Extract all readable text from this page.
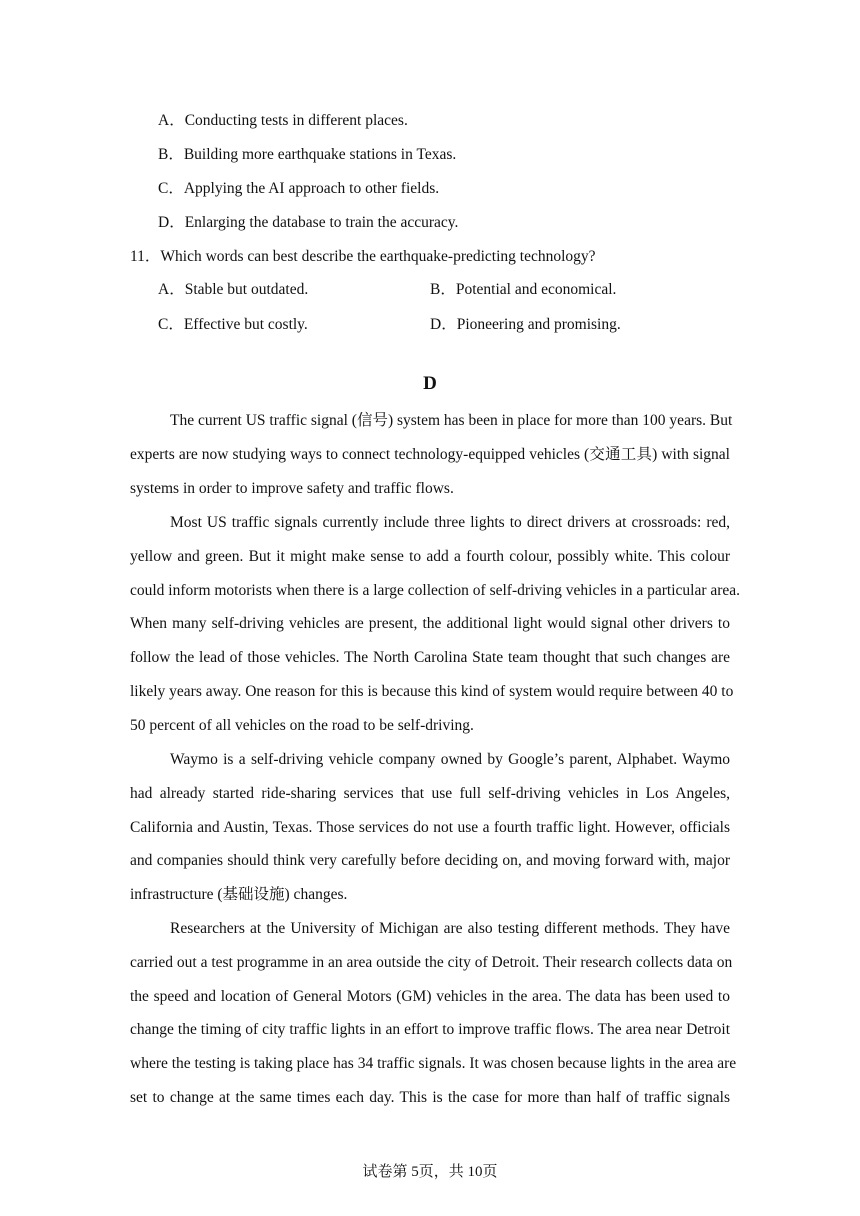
A．Conducting tests in different places.
B．Building more earthquake stations in Texas.
C．Applying the AI approach to other fields.
D．Enlarging the database to train the accuracy.
11．Which words can best describe the earthquake-predicting technology?
A．Stable but outdated.	B．Potential and economical.
C．Effective but costly.	D．Pioneering and promising.
D
The current US traffic signal (信号) system has been in place for more than 100 years. But
experts are now studying ways to connect technology-equipped vehicles (交通工具) with signal
systems in order to improve safety and traffic flows.
Most US traffic signals currently include three lights to direct drivers at crossroads: red,
yellow and green. But it might make sense to add a fourth colour, possibly white. This colour
could inform motorists when there is a large collection of self-driving vehicles in a particular area.
When many self-driving vehicles are present, the additional light would signal other drivers to
follow the lead of those vehicles. The North Carolina State team thought that such changes are
likely years away. One reason for this is because this kind of system would require between 40 to
50 percent of all vehicles on the road to be self-driving.
Waymo is a self-driving vehicle company owned by Google’s parent, Alphabet. Waymo
had already started ride-sharing services that use full self-driving vehicles in Los Angeles,
California and Austin, Texas. Those services do not use a fourth traffic light. However, officials
and companies should think very carefully before deciding on, and moving forward with, major
infrastructure (基础设施) changes.
Researchers at the University of Michigan are also testing different methods. They have
carried out a test programme in an area outside the city of Detroit. Their research collects data on
the speed and location of General Motors (GM) vehicles in the area. The data has been used to
change the timing of city traffic lights in an effort to improve traffic flows. The area near Detroit
where the testing is taking place has 34 traffic signals. It was chosen because lights in the area are
set to change at the same times each day. This is the case for more than half of traffic signals
试卷第 5页，共 10页
